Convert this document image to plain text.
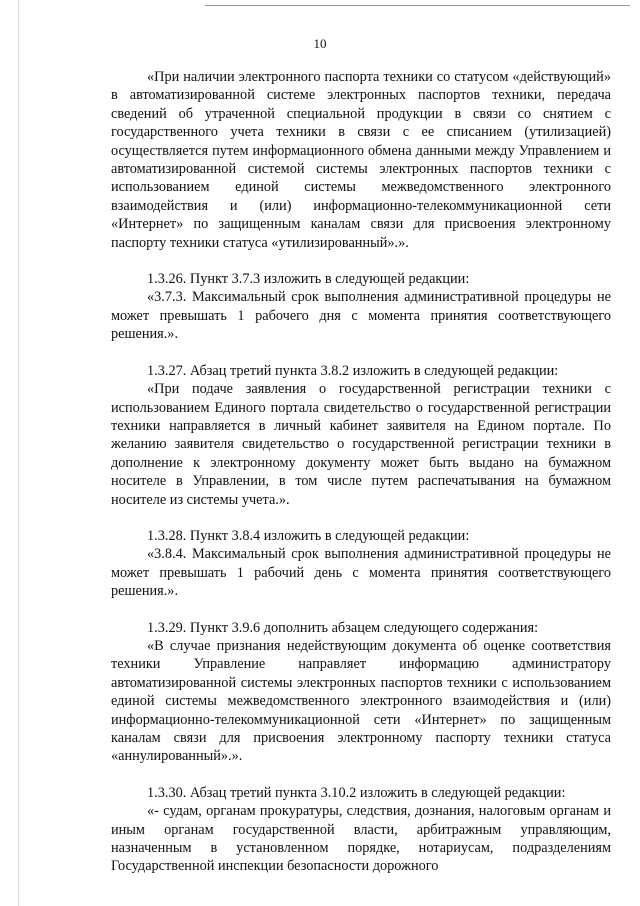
10

«При наличии электронного паспорта техники со статусом «действующий» в автоматизированной системе электронных паспортов техники, передача сведений об утраченной специальной продукции в связи со снятием с государственного учета техники в связи с ее списанием (утилизацией) осуществляется путем информационного обмена данными между Управлением и автоматизированной системой системы электронных паспортов техники с использованием единой системы межведомственного электронного взаимодействия и (или) информационно-телекоммуникационной сети «Интернет» по защищенным каналам связи для присвоения электронному паспорту техники статуса «утилизированный».».

1.3.26. Пункт 3.7.3 изложить в следующей редакции:

«3.7.3. Максимальный срок выполнения административной процедуры не может превышать 1 рабочего дня с момента принятия соответствующего решения.».

1.3.27. Абзац третий пункта 3.8.2 изложить в следующей редакции:

«При подаче заявления о государственной регистрации техники с использованием Единого портала свидетельство о государственной регистрации техники направляется в личный кабинет заявителя на Едином портале. По желанию заявителя свидетельство о государственной регистрации техники в дополнение к электронному документу может быть выдано на бумажном носителе в Управлении, в том числе путем распечатывания на бумажном носителе из системы учета.».

1.3.28. Пункт 3.8.4 изложить в следующей редакции:

«3.8.4. Максимальный срок выполнения административной процедуры не может превышать 1 рабочий день с момента принятия соответствующего решения.».

1.3.29. Пункт 3.9.6 дополнить абзацем следующего содержания:

«В случае признания недействующим документа об оценке соответствия техники Управление направляет информацию администратору автоматизированной системы электронных паспортов техники с использованием единой системы межведомственного электронного взаимодействия и (или) информационно-телекоммуникационной сети «Интернет» по защищенным каналам связи для присвоения электронному паспорту техники статуса «аннулированный».».

1.3.30. Абзац третий пункта 3.10.2 изложить в следующей редакции:

«- судам, органам прокуратуры, следствия, дознания, налоговым органам и иным органам государственной власти, арбитражным управляющим, назначенным в установленном порядке, нотариусам, подразделениям Государственной инспекции безопасности дорожного
